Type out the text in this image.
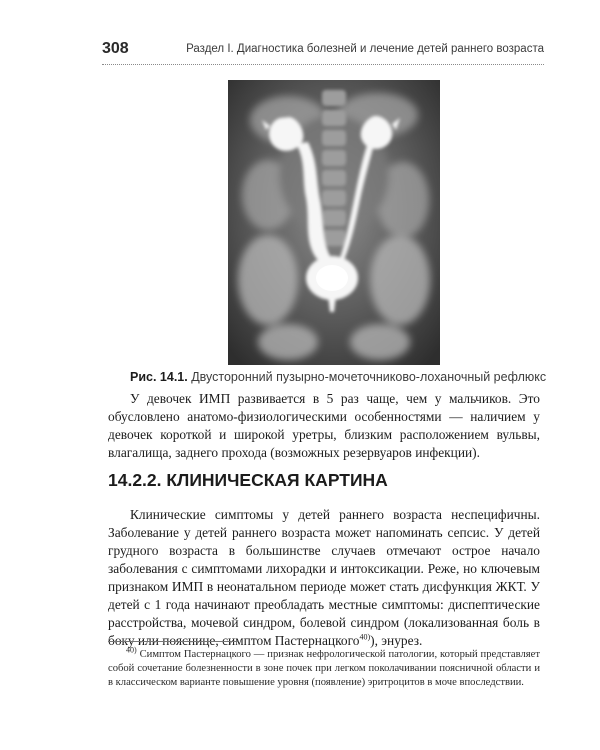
308	Раздел I. Диагностика болезней и лечение детей раннего возраста
Рис. 14.1. Двусторонний пузырно-мочеточниково-лоханочный рефлюкс

У девочек ИМП развивается в 5 раз чаще, чем у мальчиков. Это обусловлено анатомо-физиологическими особенностями — наличием у девочек короткой и широкой уретры, близким расположением вульвы, влагалища, заднего прохода (возможных резервуаров инфекции).

14.2.2. КЛИНИЧЕСКАЯ КАРТИНА

Клинические симптомы у детей раннего возраста неспецифичны. Заболевание у детей раннего возраста может напоминать сепсис. У детей грудного возраста в большинстве случаев отмечают острое начало заболевания с симптомами лихорадки и интоксикации. Реже, но ключевым признаком ИМП в неонатальном периоде может стать дисфункция ЖКТ. У детей с 1 года начинают преобладать местные симптомы: диспептические расстройства, мочевой синдром, болевой синдром (локализованная боль в боку или пояснице, симптом Пастернацкого$^{40)}$), энурез.

$^{40)}$ Симптом Пастернацкого — признак нефрологической патологии, который представляет собой сочетание болезненности в зоне почек при легком поколачивании поясничной области и в классическом варианте повышение уровня (появление) эритроцитов в моче впоследствии.
